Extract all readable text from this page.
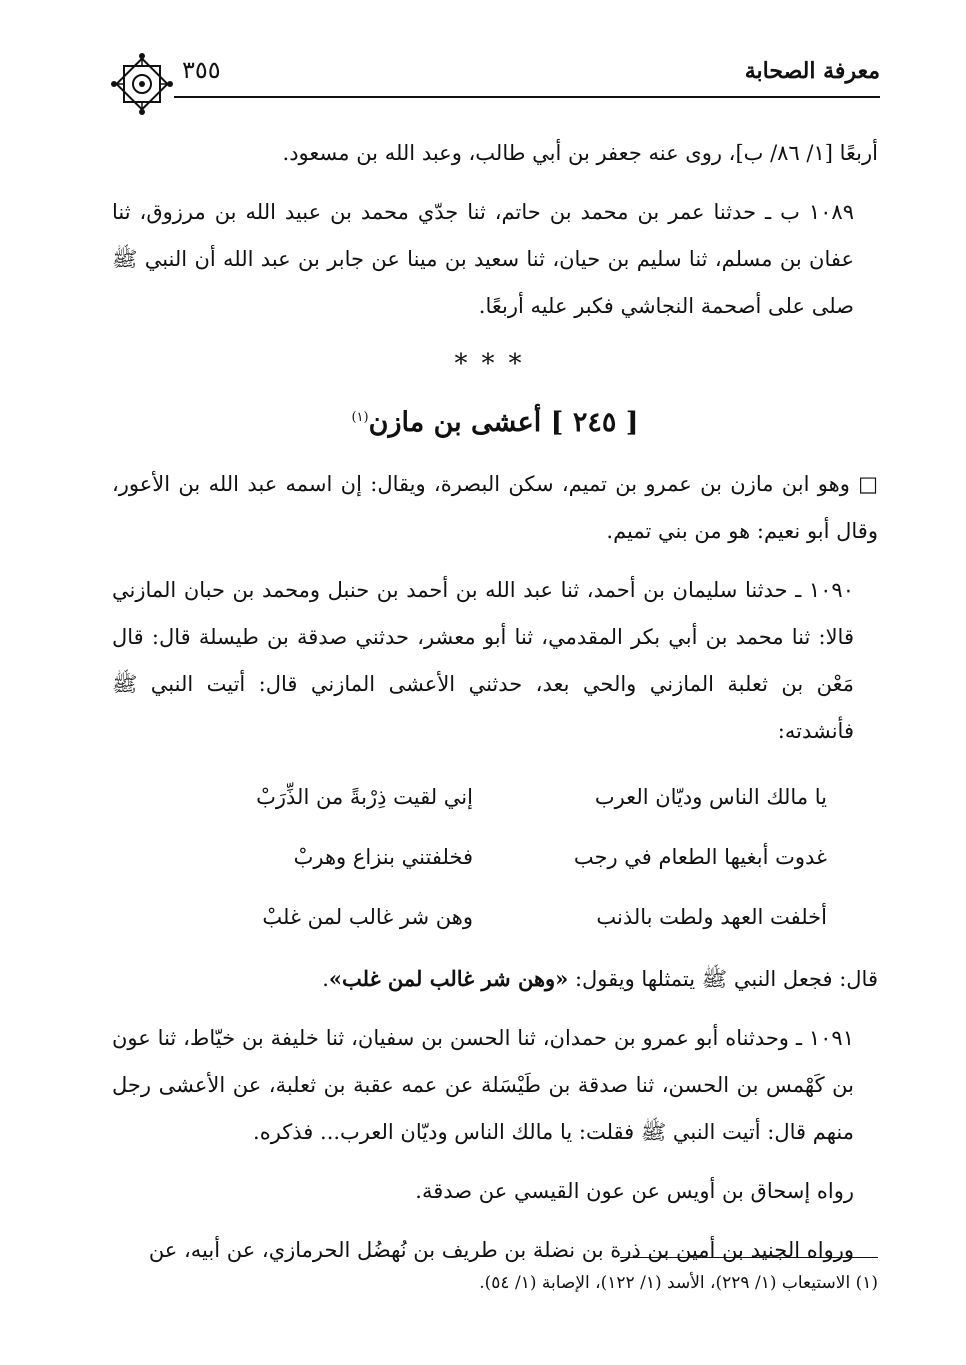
٣٥٥	معرفة الصحابة

أربعًا [١/ ٨٦/ ب]، روى عنه جعفر بن أبي طالب، وعبد الله بن مسعود.

١٠٨٩ ب ـ حدثنا عمر بن محمد بن حاتم، ثنا جدّي محمد بن عبيد الله بن مرزوق، ثنا عفان بن مسلم، ثنا سليم بن حيان، ثنا سعيد بن مينا عن جابر بن عبد الله أن النبي ﷺ صلى على أصحمة النجاشي فكبر عليه أربعًا.

***
[ ٢٤٥ ] أعشى بن مازن$^{(١)}$

□ وهو ابن مازن بن عمرو بن تميم، سكن البصرة، ويقال: إن اسمه عبد الله بن الأعور، وقال أبو نعيم: هو من بني تميم.

١٠٩٠ ـ حدثنا سليمان بن أحمد، ثنا عبد الله بن أحمد بن حنبل ومحمد بن حبان المازني قالا: ثنا محمد بن أبي بكر المقدمي، ثنا أبو معشر، حدثني صدقة بن طيسلة قال: قال مَعْن بن ثعلبة المازني والحي بعد، حدثني الأعشى المازني قال: أتيت النبي ﷺ فأنشدته:

يا مالك الناس وديّان العرب
إني لقيت ذِرْبةً من الذِّرَبْ
غدوت أبغيها الطعام في رجب
فخلفتني بنزاع وهربْ
أخلفت العهد ولطت بالذنب
وهن شر غالب لمن غلبْ

قال: فجعل النبي ﷺ يتمثلها ويقول: «وهن شر غالب لمن غلب».

١٠٩١ ـ وحدثناه أبو عمرو بن حمدان، ثنا الحسن بن سفيان، ثنا خليفة بن خيّاط، ثنا عون بن كَهْمس بن الحسن، ثنا صدقة بن طَيْسَلة عن عمه عقبة بن ثعلبة، عن الأعشى رجل منهم قال: أتيت النبي ﷺ فقلت: يا مالك الناس وديّان العرب... فذكره.

رواه إسحاق بن أويس عن عون القيسي عن صدقة.

ورواه الجنيد بن أمين بن ذرة بن نضلة بن طريف بن نُهضُل الحرمازي، عن أبيه، عن

(١) الاستيعاب (١/ ٢٢٩)، الأسد (١/ ١٢٢)، الإصابة (١/ ٥٤).
